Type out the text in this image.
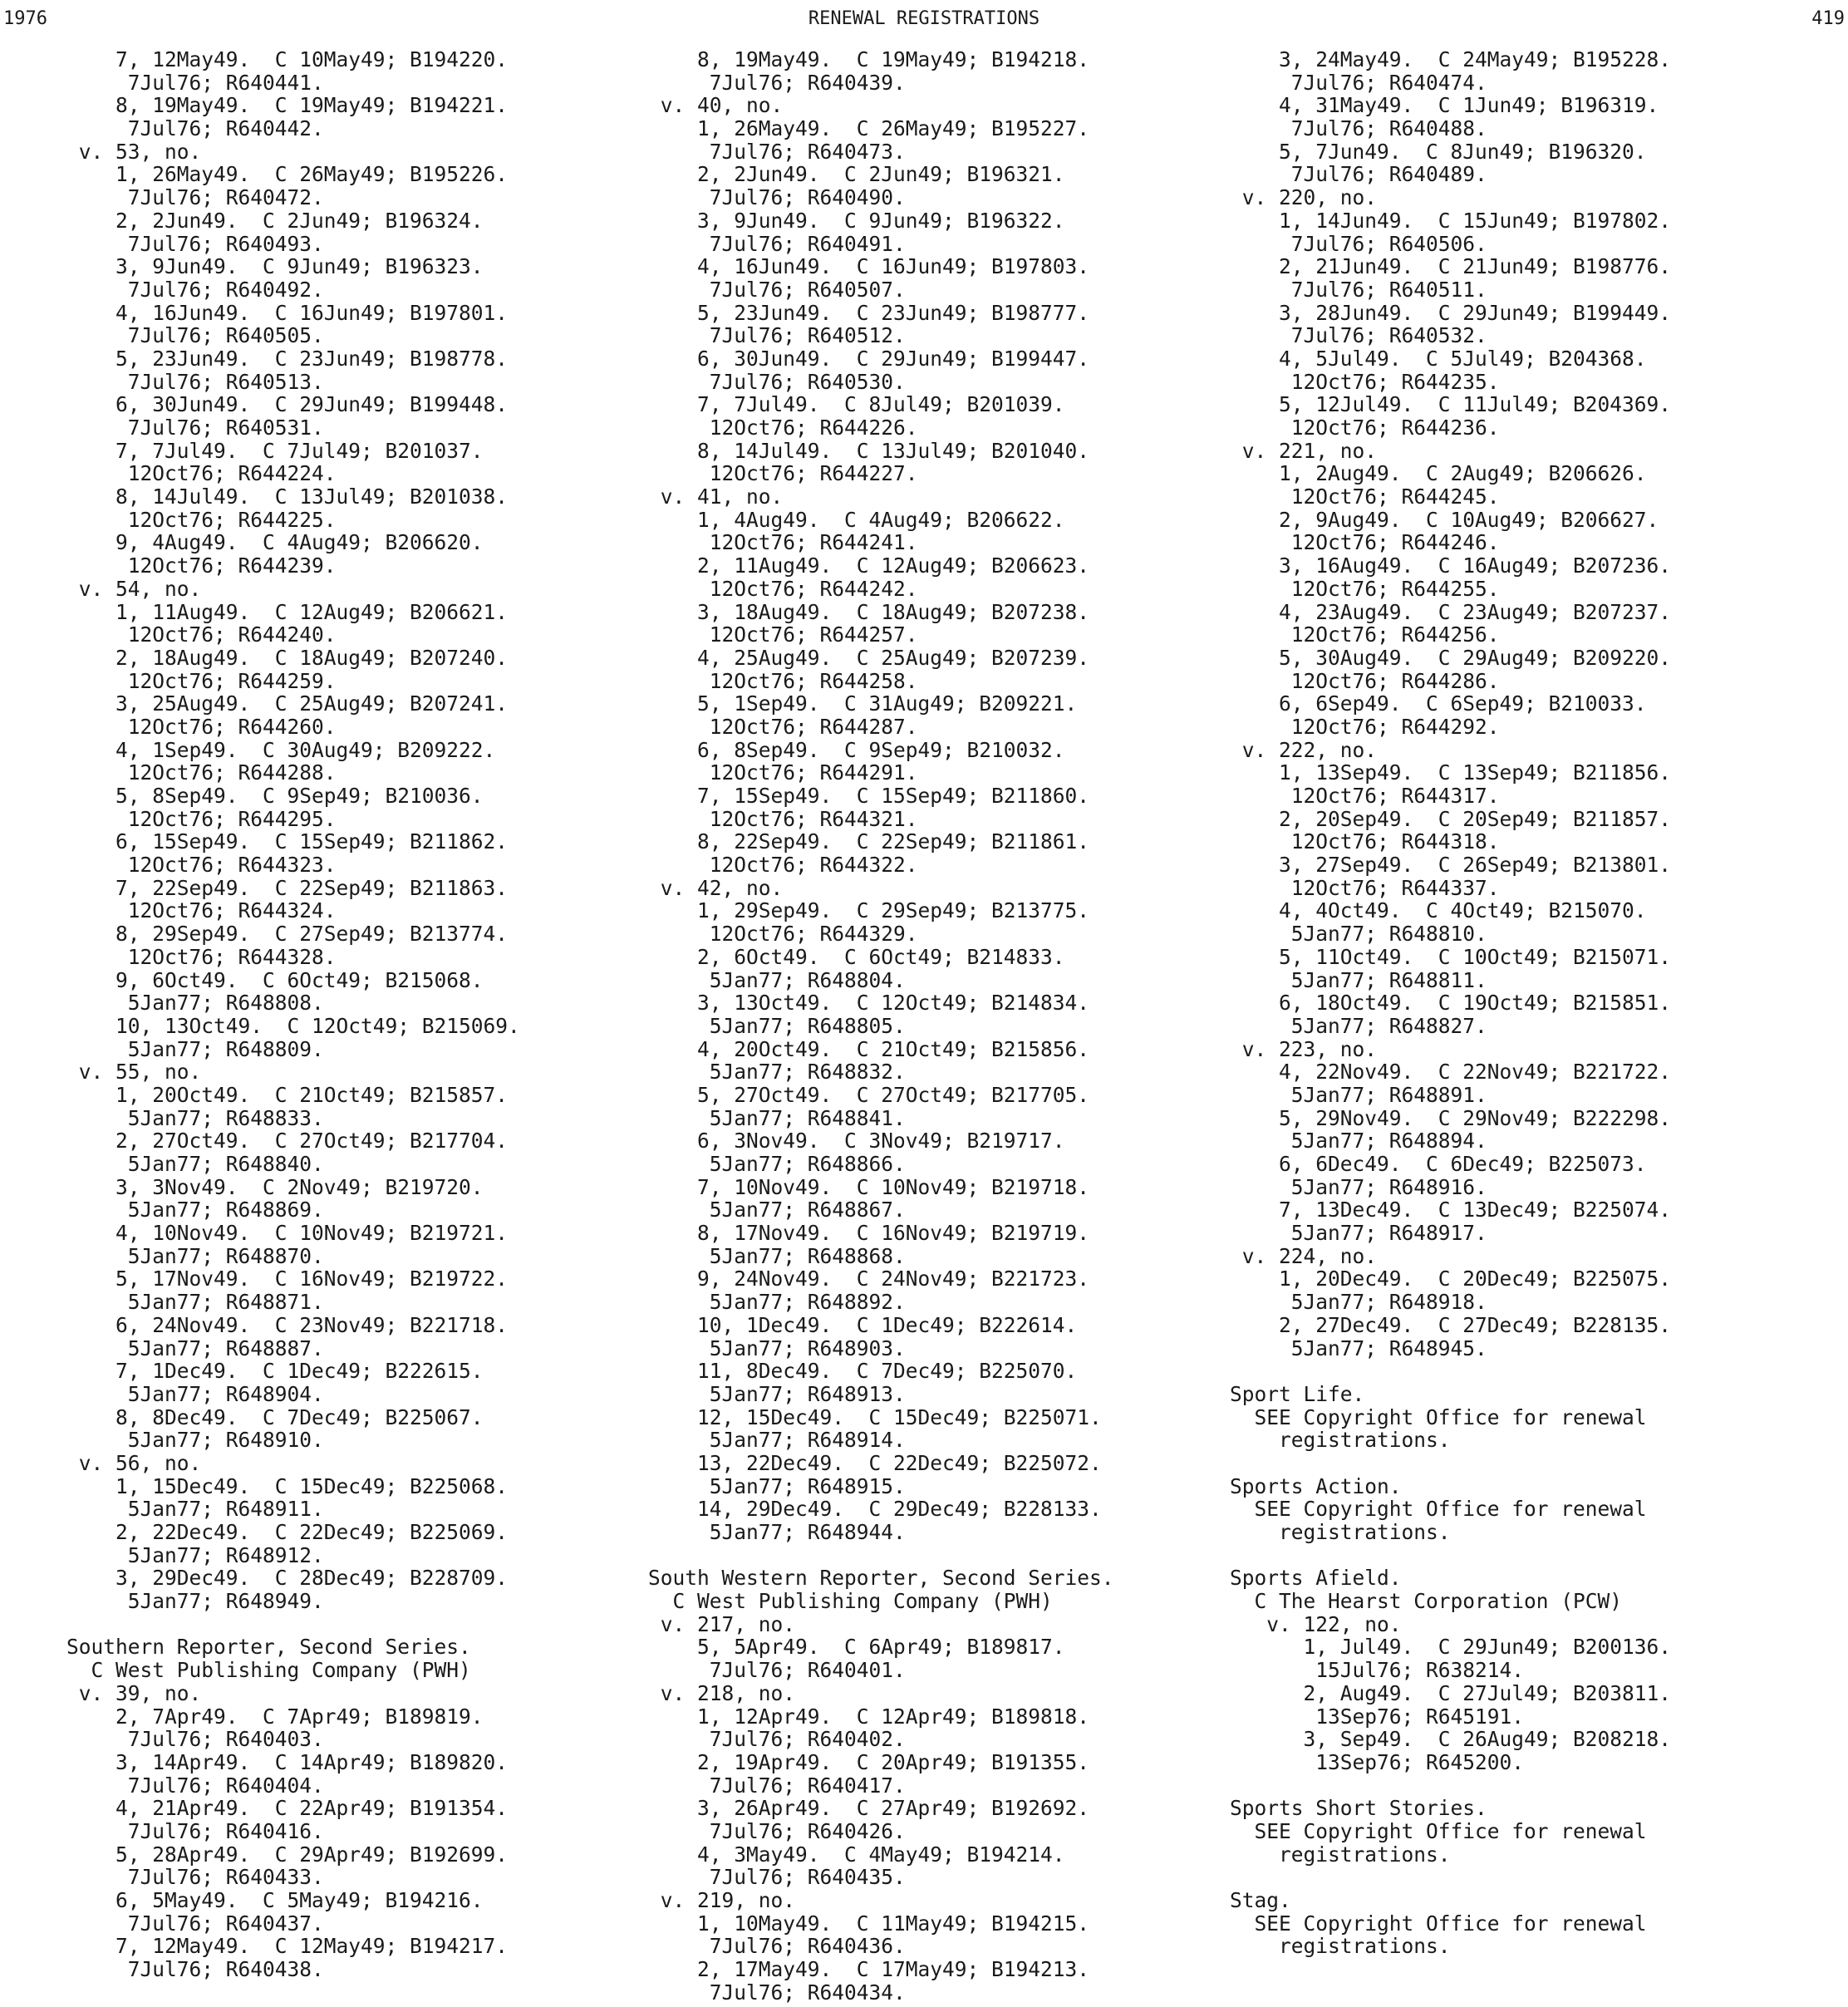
1976	RENEWAL REGISTRATIONS	419
7, 12May49.  C 10May49; B194220.
7Jul76; R640441.
8, 19May49.  C 19May49; B194221.
7Jul76; R640442.
v. 53, no.
1, 26May49.  C 26May49; B195226.
7Jul76; R640472.
2, 2Jun49.  C 2Jun49; B196324.
7Jul76; R640493.
3, 9Jun49.  C 9Jun49; B196323.
7Jul76; R640492.
4, 16Jun49.  C 16Jun49; B197801.
7Jul76; R640505.
5, 23Jun49.  C 23Jun49; B198778.
7Jul76; R640513.
6, 30Jun49.  C 29Jun49; B199448.
7Jul76; R640531.
7, 7Jul49.  C 7Jul49; B201037.
12Oct76; R644224.
8, 14Jul49.  C 13Jul49; B201038.
12Oct76; R644225.
9, 4Aug49.  C 4Aug49; B206620.
12Oct76; R644239.
v. 54, no.
1, 11Aug49.  C 12Aug49; B206621.
12Oct76; R644240.
2, 18Aug49.  C 18Aug49; B207240.
12Oct76; R644259.
3, 25Aug49.  C 25Aug49; B207241.
12Oct76; R644260.
4, 1Sep49.  C 30Aug49; B209222.
12Oct76; R644288.
5, 8Sep49.  C 9Sep49; B210036.
12Oct76; R644295.
6, 15Sep49.  C 15Sep49; B211862.
12Oct76; R644323.
7, 22Sep49.  C 22Sep49; B211863.
12Oct76; R644324.
8, 29Sep49.  C 27Sep49; B213774.
12Oct76; R644328.
9, 6Oct49.  C 6Oct49; B215068.
5Jan77; R648808.
10, 13Oct49.  C 12Oct49; B215069.
5Jan77; R648809.
v. 55, no.
1, 20Oct49.  C 21Oct49; B215857.
5Jan77; R648833.
2, 27Oct49.  C 27Oct49; B217704.
5Jan77; R648840.
3, 3Nov49.  C 2Nov49; B219720.
5Jan77; R648869.
4, 10Nov49.  C 10Nov49; B219721.
5Jan77; R648870.
5, 17Nov49.  C 16Nov49; B219722.
5Jan77; R648871.
6, 24Nov49.  C 23Nov49; B221718.
5Jan77; R648887.
7, 1Dec49.  C 1Dec49; B222615.
5Jan77; R648904.
8, 8Dec49.  C 7Dec49; B225067.
5Jan77; R648910.
v. 56, no.
1, 15Dec49.  C 15Dec49; B225068.
5Jan77; R648911.
2, 22Dec49.  C 22Dec49; B225069.
5Jan77; R648912.
3, 29Dec49.  C 28Dec49; B228709.
5Jan77; R648949.
Southern Reporter, Second Series.
C West Publishing Company (PWH)
v. 39, no.
2, 7Apr49.  C 7Apr49; B189819.
7Jul76; R640403.
3, 14Apr49.  C 14Apr49; B189820.
7Jul76; R640404.
4, 21Apr49.  C 22Apr49; B191354.
7Jul76; R640416.
5, 28Apr49.  C 29Apr49; B192699.
7Jul76; R640433.
6, 5May49.  C 5May49; B194216.
7Jul76; R640437.
7, 12May49.  C 12May49; B194217.
7Jul76; R640438.
8, 19May49.  C 19May49; B194218.
7Jul76; R640439.
v. 40, no.
1, 26May49.  C 26May49; B195227.
7Jul76; R640473.
2, 2Jun49.  C 2Jun49; B196321.
7Jul76; R640490.
3, 9Jun49.  C 9Jun49; B196322.
7Jul76; R640491.
4, 16Jun49.  C 16Jun49; B197803.
7Jul76; R640507.
5, 23Jun49.  C 23Jun49; B198777.
7Jul76; R640512.
6, 30Jun49.  C 29Jun49; B199447.
7Jul76; R640530.
7, 7Jul49.  C 8Jul49; B201039.
12Oct76; R644226.
8, 14Jul49.  C 13Jul49; B201040.
12Oct76; R644227.
v. 41, no.
1, 4Aug49.  C 4Aug49; B206622.
12Oct76; R644241.
2, 11Aug49.  C 12Aug49; B206623.
12Oct76; R644242.
3, 18Aug49.  C 18Aug49; B207238.
12Oct76; R644257.
4, 25Aug49.  C 25Aug49; B207239.
12Oct76; R644258.
5, 1Sep49.  C 31Aug49; B209221.
12Oct76; R644287.
6, 8Sep49.  C 9Sep49; B210032.
12Oct76; R644291.
7, 15Sep49.  C 15Sep49; B211860.
12Oct76; R644321.
8, 22Sep49.  C 22Sep49; B211861.
12Oct76; R644322.
v. 42, no.
1, 29Sep49.  C 29Sep49; B213775.
12Oct76; R644329.
2, 6Oct49.  C 6Oct49; B214833.
5Jan77; R648804.
3, 13Oct49.  C 12Oct49; B214834.
5Jan77; R648805.
4, 20Oct49.  C 21Oct49; B215856.
5Jan77; R648832.
5, 27Oct49.  C 27Oct49; B217705.
5Jan77; R648841.
6, 3Nov49.  C 3Nov49; B219717.
5Jan77; R648866.
7, 10Nov49.  C 10Nov49; B219718.
5Jan77; R648867.
8, 17Nov49.  C 16Nov49; B219719.
5Jan77; R648868.
9, 24Nov49.  C 24Nov49; B221723.
5Jan77; R648892.
10, 1Dec49.  C 1Dec49; B222614.
5Jan77; R648903.
11, 8Dec49.  C 7Dec49; B225070.
5Jan77; R648913.
12, 15Dec49.  C 15Dec49; B225071.
5Jan77; R648914.
13, 22Dec49.  C 22Dec49; B225072.
5Jan77; R648915.
14, 29Dec49.  C 29Dec49; B228133.
5Jan77; R648944.
South Western Reporter, Second Series.
C West Publishing Company (PWH)
v. 217, no.
5, 5Apr49.  C 6Apr49; B189817.
7Jul76; R640401.
v. 218, no.
1, 12Apr49.  C 12Apr49; B189818.
7Jul76; R640402.
2, 19Apr49.  C 20Apr49; B191355.
7Jul76; R640417.
3, 26Apr49.  C 27Apr49; B192692.
7Jul76; R640426.
4, 3May49.  C 4May49; B194214.
7Jul76; R640435.
v. 219, no.
1, 10May49.  C 11May49; B194215.
7Jul76; R640436.
2, 17May49.  C 17May49; B194213.
7Jul76; R640434.
3, 24May49.  C 24May49; B195228.
7Jul76; R640474.
4, 31May49.  C 1Jun49; B196319.
7Jul76; R640488.
5, 7Jun49.  C 8Jun49; B196320.
7Jul76; R640489.
v. 220, no.
1, 14Jun49.  C 15Jun49; B197802.
7Jul76; R640506.
2, 21Jun49.  C 21Jun49; B198776.
7Jul76; R640511.
3, 28Jun49.  C 29Jun49; B199449.
7Jul76; R640532.
4, 5Jul49.  C 5Jul49; B204368.
12Oct76; R644235.
5, 12Jul49.  C 11Jul49; B204369.
12Oct76; R644236.
v. 221, no.
1, 2Aug49.  C 2Aug49; B206626.
12Oct76; R644245.
2, 9Aug49.  C 10Aug49; B206627.
12Oct76; R644246.
3, 16Aug49.  C 16Aug49; B207236.
12Oct76; R644255.
4, 23Aug49.  C 23Aug49; B207237.
12Oct76; R644256.
5, 30Aug49.  C 29Aug49; B209220.
12Oct76; R644286.
6, 6Sep49.  C 6Sep49; B210033.
12Oct76; R644292.
v. 222, no.
1, 13Sep49.  C 13Sep49; B211856.
12Oct76; R644317.
2, 20Sep49.  C 20Sep49; B211857.
12Oct76; R644318.
3, 27Sep49.  C 26Sep49; B213801.
12Oct76; R644337.
4, 4Oct49.  C 4Oct49; B215070.
5Jan77; R648810.
5, 11Oct49.  C 10Oct49; B215071.
5Jan77; R648811.
6, 18Oct49.  C 19Oct49; B215851.
5Jan77; R648827.
v. 223, no.
4, 22Nov49.  C 22Nov49; B221722.
5Jan77; R648891.
5, 29Nov49.  C 29Nov49; B222298.
5Jan77; R648894.
6, 6Dec49.  C 6Dec49; B225073.
5Jan77; R648916.
7, 13Dec49.  C 13Dec49; B225074.
5Jan77; R648917.
v. 224, no.
1, 20Dec49.  C 20Dec49; B225075.
5Jan77; R648918.
2, 27Dec49.  C 27Dec49; B228135.
5Jan77; R648945.
Sport Life.
SEE Copyright Office for renewal
registrations.
Sports Action.
SEE Copyright Office for renewal
registrations.
Sports Afield.
C The Hearst Corporation (PCW)
v. 122, no.
1, Jul49.  C 29Jun49; B200136.
15Jul76; R638214.
2, Aug49.  C 27Jul49; B203811.
13Sep76; R645191.
3, Sep49.  C 26Aug49; B208218.
13Sep76; R645200.
Sports Short Stories.
SEE Copyright Office for renewal
registrations.
Stag.
SEE Copyright Office for renewal
registrations.
